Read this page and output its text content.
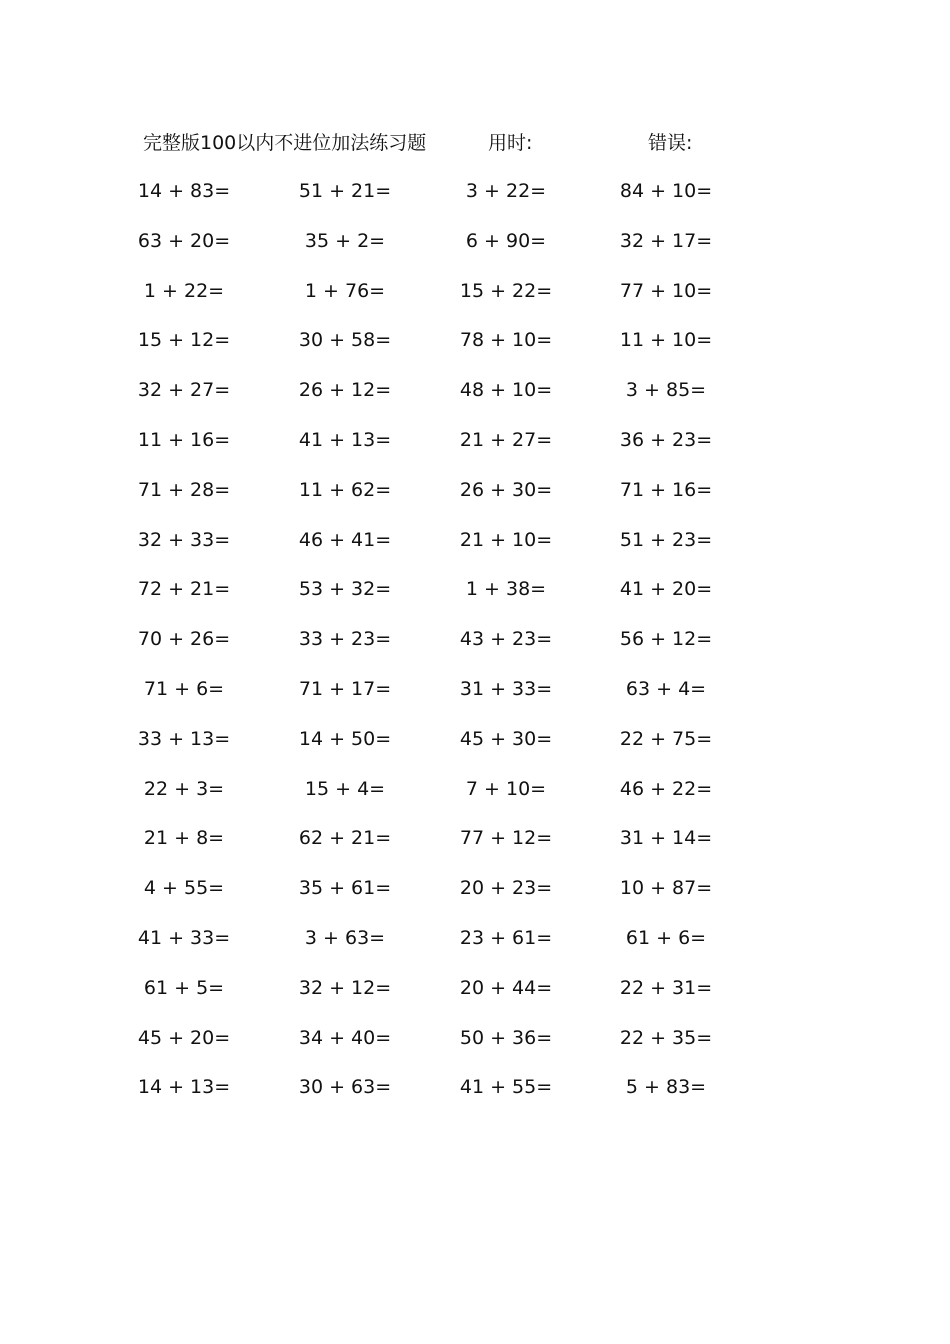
完整版100以内不进位加法练习题	用时:	错误:
14 + 83=	51 + 21=	3 + 22=	84 + 10=
63 + 20=	35 + 2=	6 + 90=	32 + 17=
1 + 22=	1 + 76=	15 + 22=	77 + 10=
15 + 12=	30 + 58=	78 + 10=	11 + 10=
32 + 27=	26 + 12=	48 + 10=	3 + 85=
11 + 16=	41 + 13=	21 + 27=	36 + 23=
71 + 28=	11 + 62=	26 + 30=	71 + 16=
32 + 33=	46 + 41=	21 + 10=	51 + 23=
72 + 21=	53 + 32=	1 + 38=	41 + 20=
70 + 26=	33 + 23=	43 + 23=	56 + 12=
71 + 6=	71 + 17=	31 + 33=	63 + 4=
33 + 13=	14 + 50=	45 + 30=	22 + 75=
22 + 3=	15 + 4=	7 + 10=	46 + 22=
21 + 8=	62 + 21=	77 + 12=	31 + 14=
4 + 55=	35 + 61=	20 + 23=	10 + 87=
41 + 33=	3 + 63=	23 + 61=	61 + 6=
61 + 5=	32 + 12=	20 + 44=	22 + 31=
45 + 20=	34 + 40=	50 + 36=	22 + 35=
14 + 13=	30 + 63=	41 + 55=	5 + 83=
